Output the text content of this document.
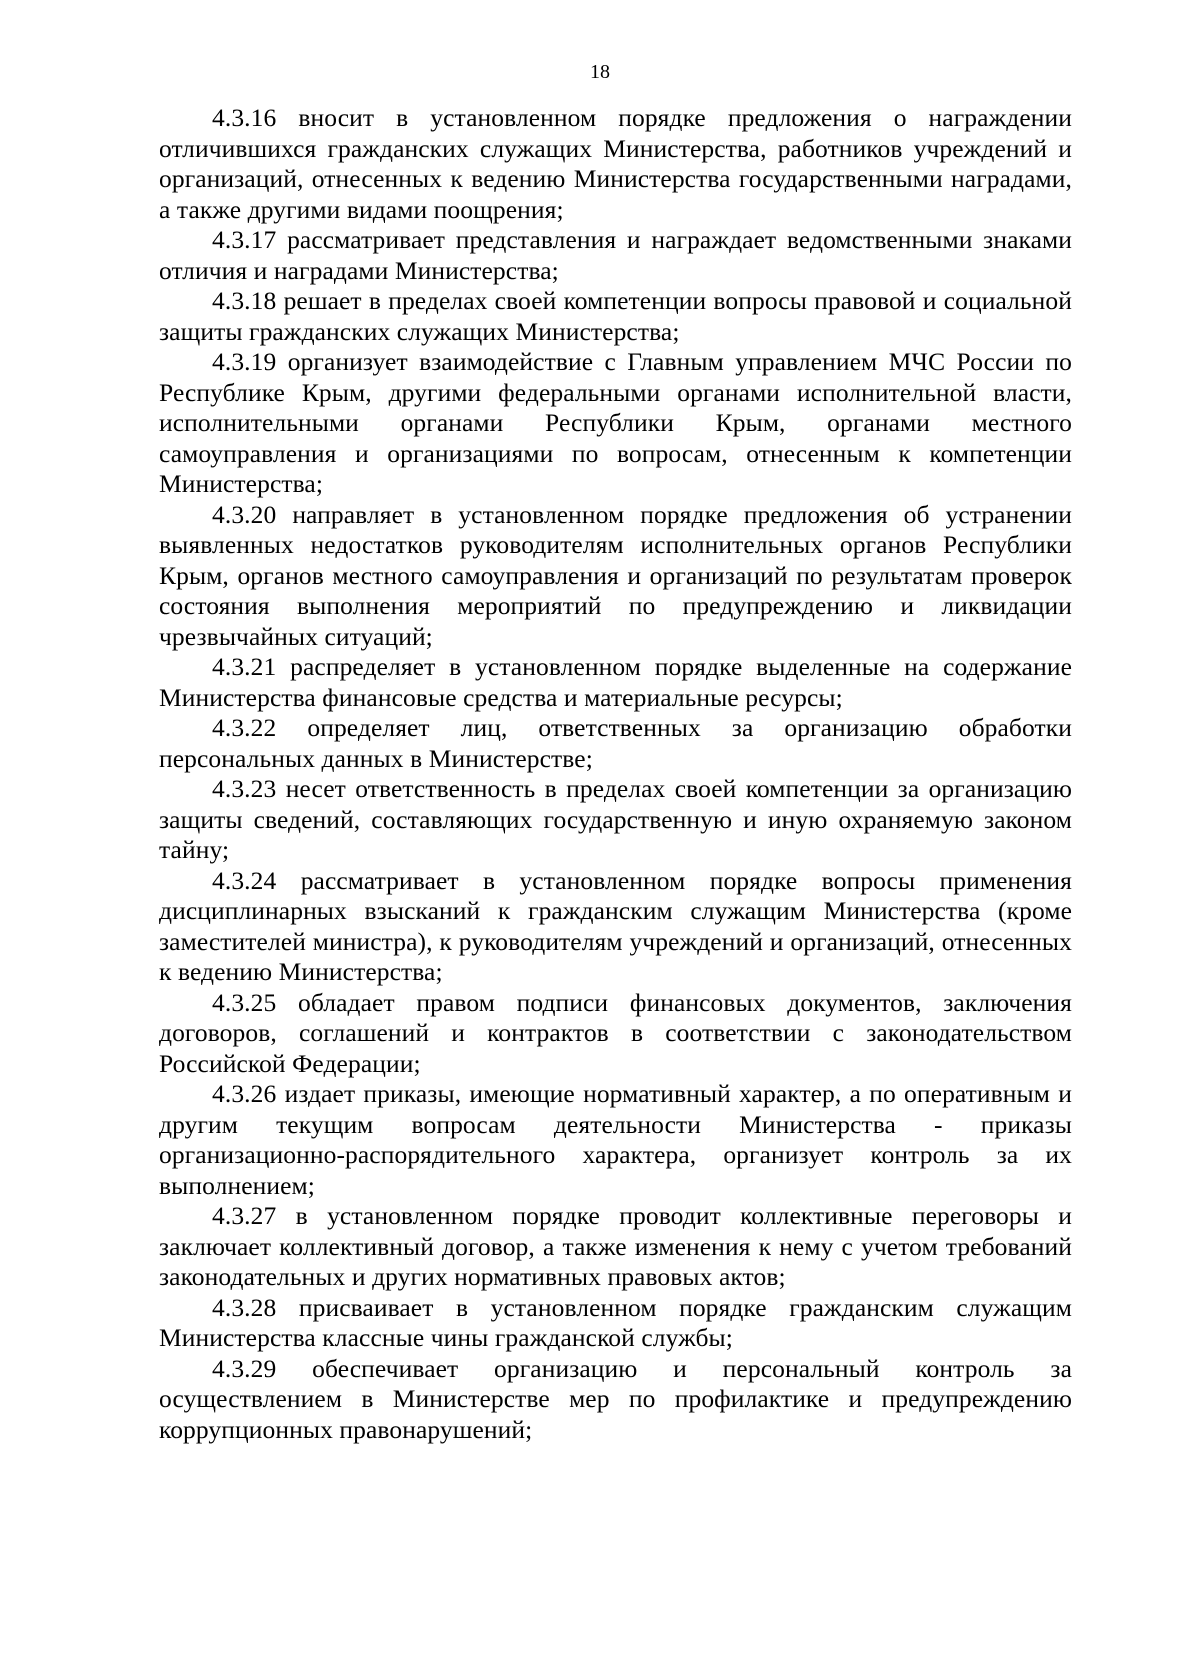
18

4.3.16 вносит в установленном порядке предложения о награждении отличившихся гражданских служащих Министерства, работников учреждений и организаций, отнесенных к ведению Министерства государственными наградами, а также другими видами поощрения;

4.3.17 рассматривает представления и награждает ведомственными знаками отличия и наградами Министерства;

4.3.18 решает в пределах своей компетенции вопросы правовой и социальной защиты гражданских служащих Министерства;

4.3.19 организует взаимодействие с Главным управлением МЧС России по Республике Крым, другими федеральными органами исполнительной власти, исполнительными органами Республики Крым, органами местного самоуправления и организациями по вопросам, отнесенным к компетенции Министерства;

4.3.20 направляет в установленном порядке предложения об устранении выявленных недостатков руководителям исполнительных органов Республики Крым, органов местного самоуправления и организаций по результатам проверок состояния выполнения мероприятий по предупреждению и ликвидации чрезвычайных ситуаций;

4.3.21 распределяет в установленном порядке выделенные на содержание Министерства финансовые средства и материальные ресурсы;

4.3.22 определяет лиц, ответственных за организацию обработки персональных данных в Министерстве;

4.3.23 несет ответственность в пределах своей компетенции за организацию защиты сведений, составляющих государственную и иную охраняемую законом тайну;

4.3.24 рассматривает в установленном порядке вопросы применения дисциплинарных взысканий к гражданским служащим Министерства (кроме заместителей министра), к руководителям учреждений и организаций, отнесенных к ведению Министерства;

4.3.25 обладает правом подписи финансовых документов, заключения договоров, соглашений и контрактов в соответствии с законодательством Российской Федерации;

4.3.26 издает приказы, имеющие нормативный характер, а по оперативным и другим текущим вопросам деятельности Министерства - приказы организационно-распорядительного характера, организует контроль за их выполнением;

4.3.27 в установленном порядке проводит коллективные переговоры и заключает коллективный договор, а также изменения к нему с учетом требований законодательных и других нормативных правовых актов;

4.3.28 присваивает в установленном порядке гражданским служащим Министерства классные чины гражданской службы;

4.3.29 обеспечивает организацию и персональный контроль за осуществлением в Министерстве мер по профилактике и предупреждению коррупционных правонарушений;
